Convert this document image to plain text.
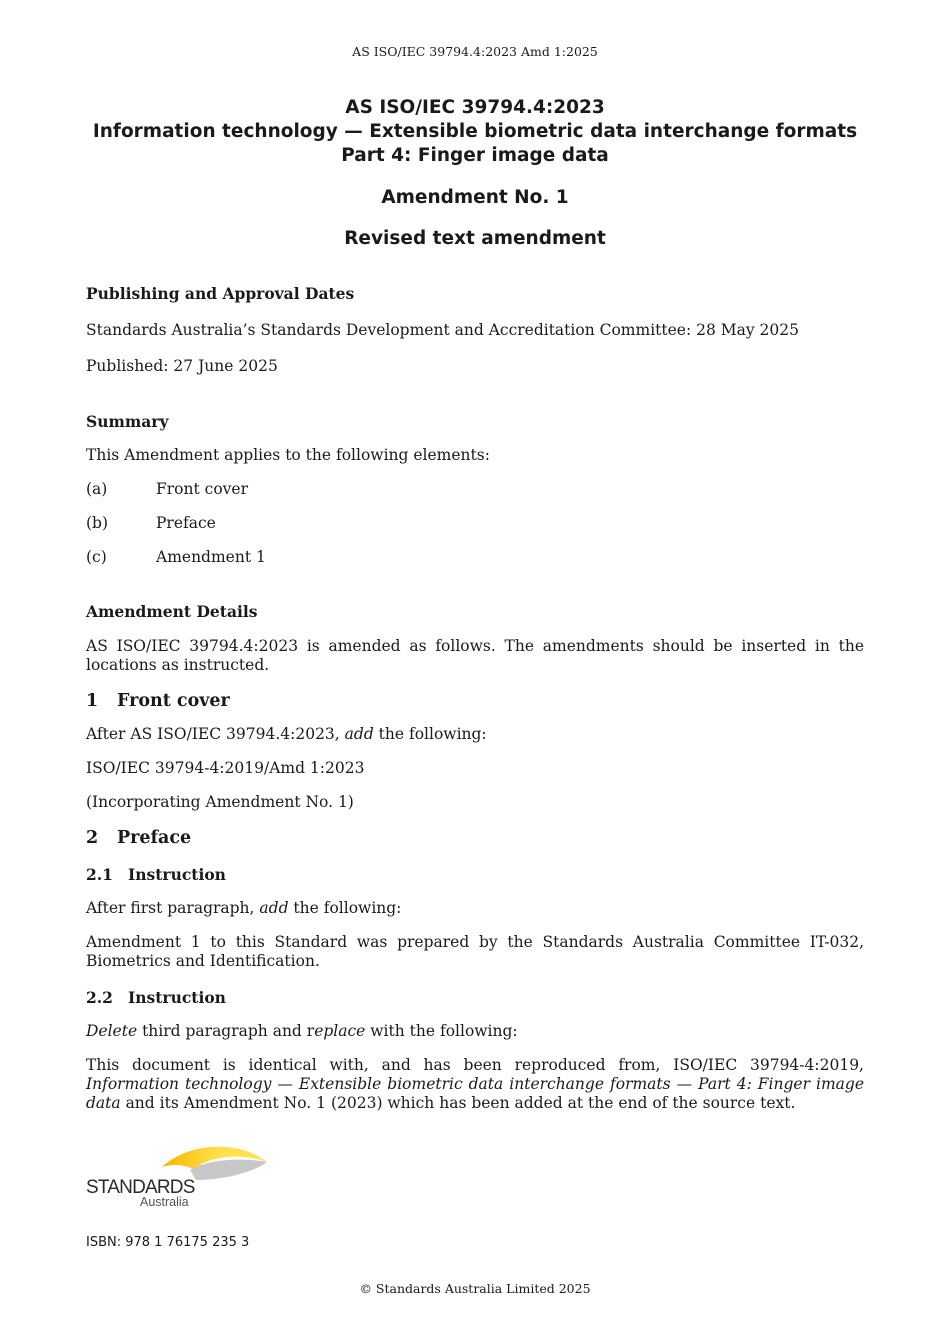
AS ISO/IEC 39794.4:2023 Amd 1:2025
AS ISO/IEC 39794.4:2023
Information technology — Extensible biometric data interchange formats
Part 4: Finger image data
Amendment No. 1
Revised text amendment

Publishing and Approval Dates

Standards Australia’s Standards Development and Accreditation Committee: 28 May 2025

Published: 27 June 2025

Summary

This Amendment applies to the following elements:

(a)	Front cover
(b)	Preface
(c)	Amendment 1

Amendment Details

AS ISO/IEC 39794.4:2023 is amended as follows. The amendments should be inserted in the locations as instructed.

1	Front cover

After AS ISO/IEC 39794.4:2023, add the following:

ISO/IEC 39794-4:2019/Amd 1:2023

(Incorporating Amendment No. 1)

2	Preface
2.1 Instruction

After first paragraph, add the following:

Amendment 1 to this Standard was prepared by the Standards Australia Committee IT-032, Biometrics and Identification.

2.2 Instruction

Delete third paragraph and replace with the following:

This document is identical with, and has been reproduced from, ISO/IEC 39794-4:2019, Information technology — Extensible biometric data interchange formats — Part 4: Finger image data and its Amendment No. 1 (2023) which has been added at the end of the source text.

STANDARDS
Australia
ISBN: 978 1 76175 235 3
© Standards Australia Limited 2025
